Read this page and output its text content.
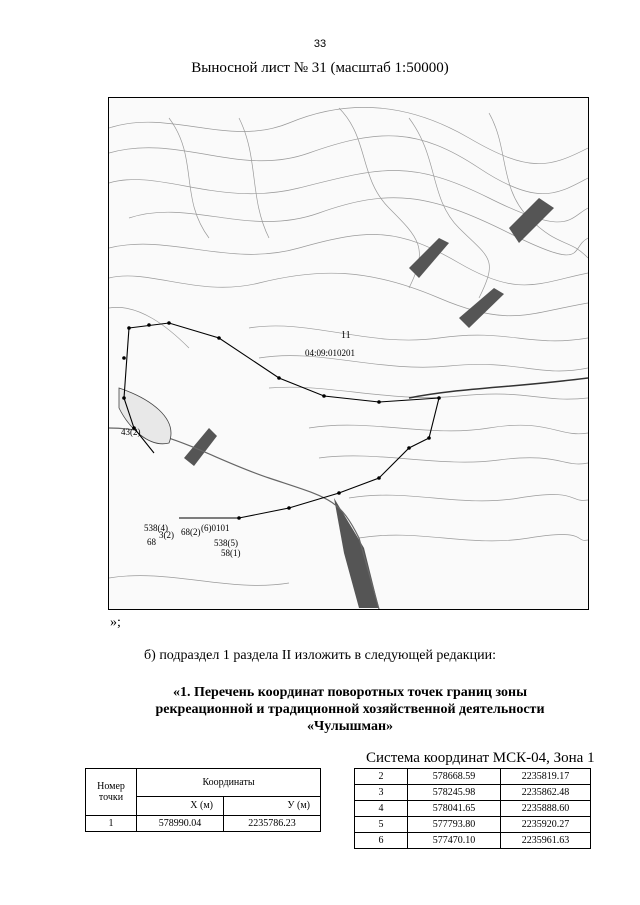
33
Выносной лист № 31 (масштаб 1:50000)
11
04:09:010201
538(4)
43(2)
3(2) 68(2) (6)0101
538(5)
58(1)
68
»;
б) подраздел 1 раздела II изложить в следующей редакции:
«1. Перечень координат поворотных точек границ зоны рекреационной и традиционной хозяйственной деятельности «Чулышман»
Система координат МСК-04, Зона 1
Номер точки	Координаты	
	X (м)	У (м)
1	578990.04	2235786.23
2	578668.59	2235819.17
3	578245.98	2235862.48
4	578041.65	2235888.60
5	577793.80	2235920.27
6	577470.10	2235961.63
